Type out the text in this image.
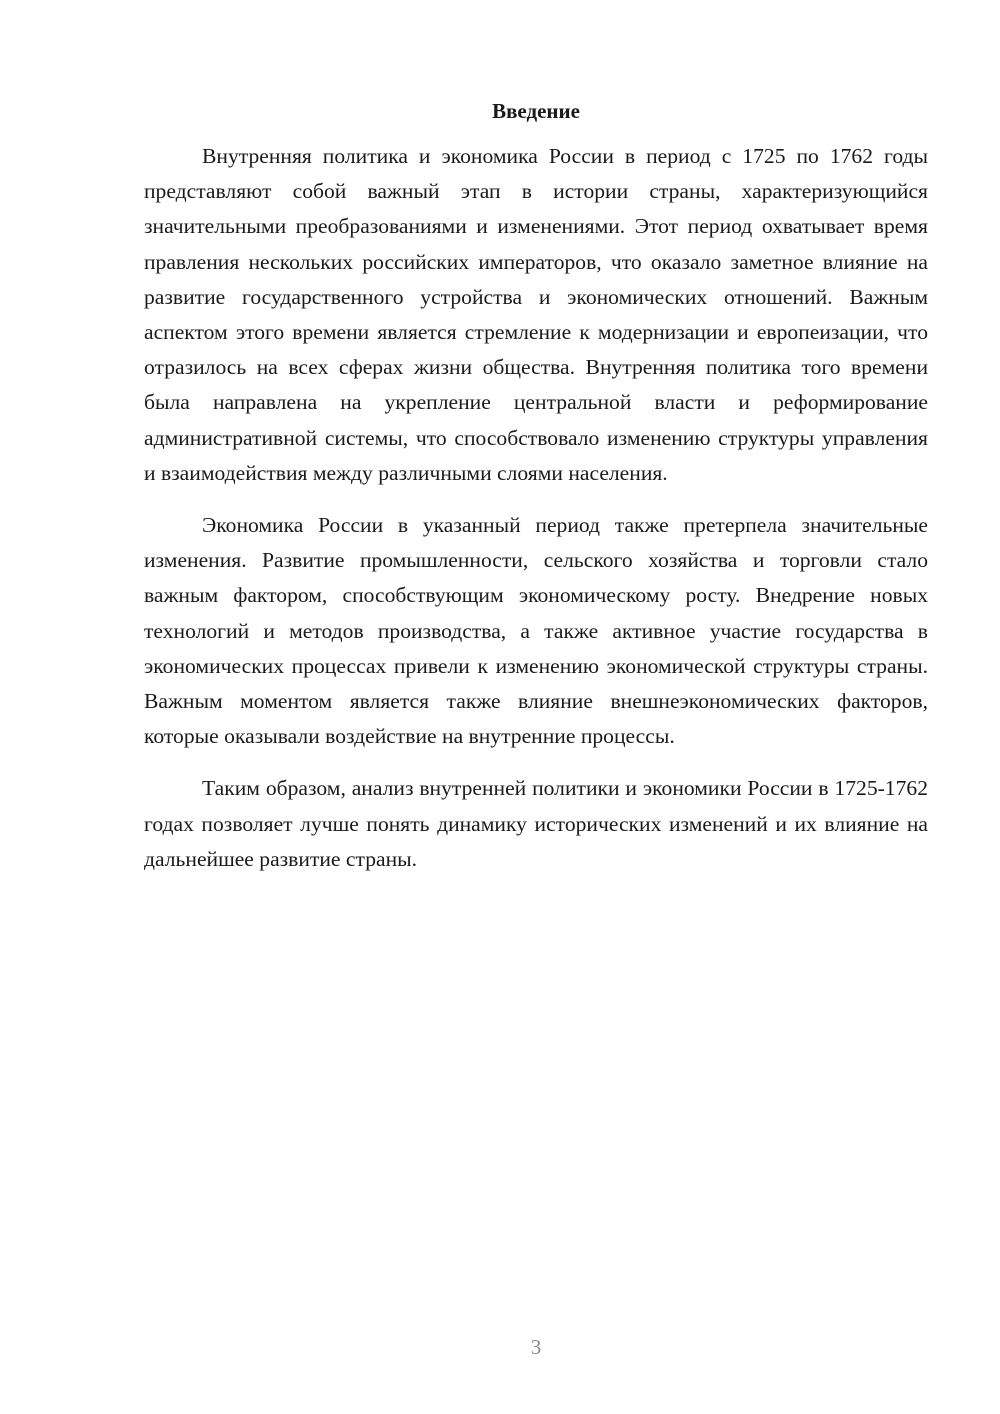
Введение

Внутренняя политика и экономика России в период с 1725 по 1762 годы представляют собой важный этап в истории страны, характеризующийся значительными преобразованиями и изменениями. Этот период охватывает время правления нескольких российских императоров, что оказало заметное влияние на развитие государственного устройства и экономических отношений. Важным аспектом этого времени является стремление к модернизации и европеизации, что отразилось на всех сферах жизни общества. Внутренняя политика того времени была направлена на укрепление центральной власти и реформирование административной системы, что способствовало изменению структуры управления и взаимодействия между различными слоями населения.

Экономика России в указанный период также претерпела значительные изменения. Развитие промышленности, сельского хозяйства и торговли стало важным фактором, способствующим экономическому росту. Внедрение новых технологий и методов производства, а также активное участие государства в экономических процессах привели к изменению экономической структуры страны. Важным моментом является также влияние внешнеэкономических факторов, которые оказывали воздействие на внутренние процессы.

Таким образом, анализ внутренней политики и экономики России в 1725-1762 годах позволяет лучше понять динамику исторических изменений и их влияние на дальнейшее развитие страны.

3
